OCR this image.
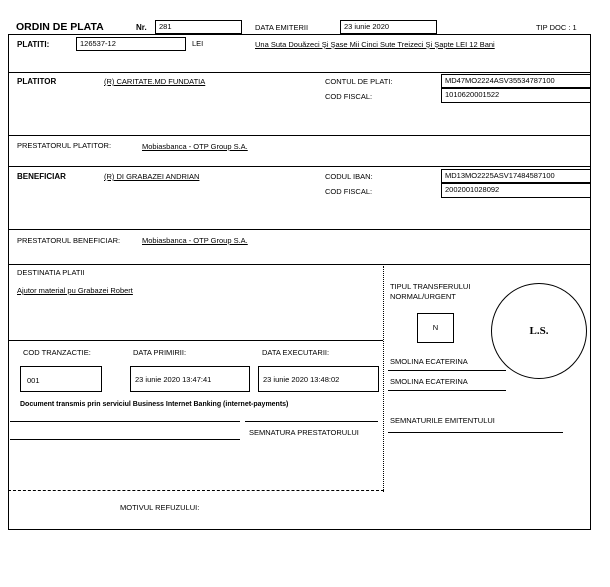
ORDIN DE PLATA	Nr.	281	DATA EMITERII	23 iunie 2020	TIP DOC : 1
PLATITI:	126537-12	LEI	Una Suta Douăzeci Şi Şase Mii Cinci Sute Treizeci Şi Şapte LEI 12 Bani
PLATITOR	(R) CARITATE.MD FUNDATIA	CONTUL DE PLATI:	MD47MO2224ASV35534787100
COD FISCAL:	1010620001522
PRESTATORUL PLATITOR:	Mobiasbanca - OTP Group S.A.
BENEFICIAR	(R) DI GRABAZEI ANDRIAN	CODUL IBAN:	MD13MO2225ASV17484587100
COD FISCAL:	2002001028092
PRESTATORUL BENEFICIAR:	Mobiasbanca - OTP Group S.A.
DESTINATIA PLATII
Ajutor material pu Grabazei Robert	TIPUL TRANSFERULUI
NORMAL/URGENT
N	L.S.
COD TRANZACTIE:	DATA PRIMIRII:	DATA EXECUTARII:
001	23 iunie 2020 13:47:41	23 iunie 2020 13:48:02
SMOLINA ECATERINA
SMOLINA ECATERINA
Document transmis prin serviciul Business Internet Banking (internet-payments)
SEMNATURILE EMITENTULUI
SEMNATURA PRESTATORULUI
MOTIVUL REFUZULUI:
